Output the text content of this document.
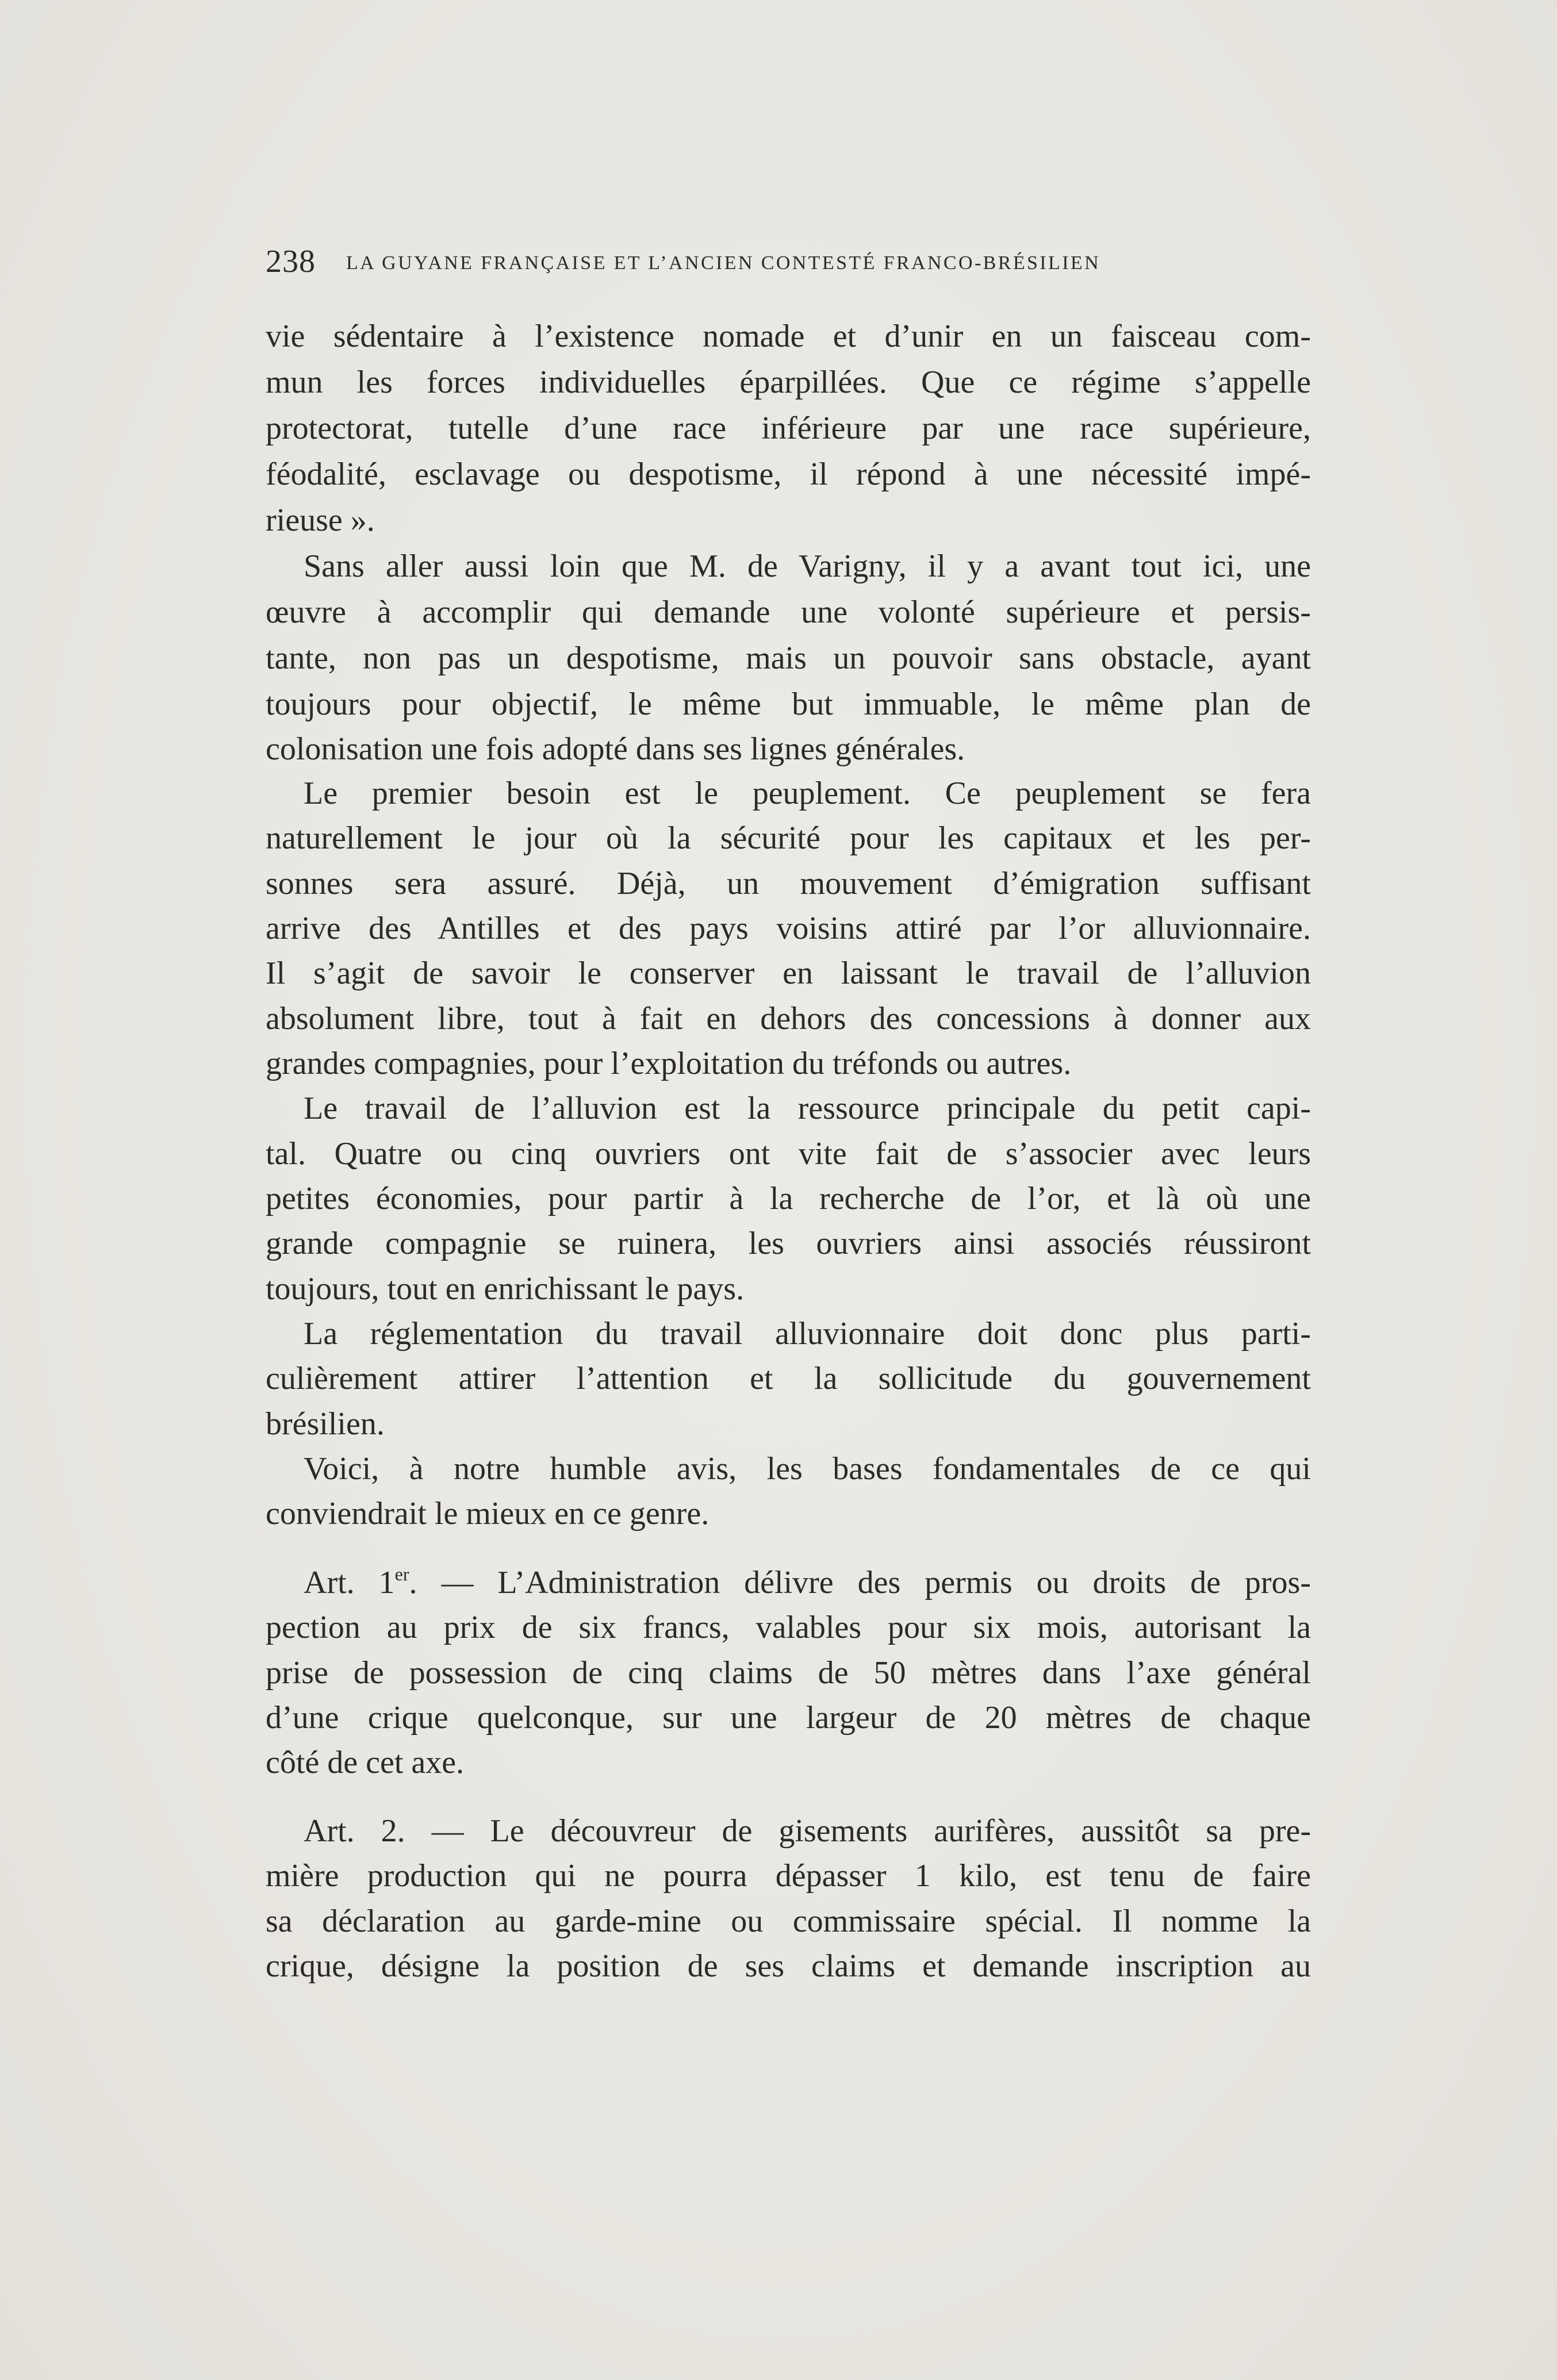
238 LA GUYANE FRANÇAISE ET L’ANCIEN CONTESTÉ FRANCO-BRÉSILIEN
vie sédentaire à l’existence nomade et d’unir en un faisceau com-
mun les forces individuelles éparpillées. Que ce régime s’appelle
protectorat, tutelle d’une race inférieure par une race supérieure,
féodalité, esclavage ou despotisme, il répond à une nécessité impé-
rieuse ».
Sans aller aussi loin que M. de Varigny, il y a avant tout ici, une
œuvre à accomplir qui demande une volonté supérieure et persis-
tante, non pas un despotisme, mais un pouvoir sans obstacle, ayant
toujours pour objectif, le même but immuable, le même plan de
colonisation une fois adopté dans ses lignes générales.
Le premier besoin est le peuplement. Ce peuplement se fera
naturellement le jour où la sécurité pour les capitaux et les per-
sonnes sera assuré. Déjà, un mouvement d’émigration suffisant
arrive des Antilles et des pays voisins attiré par l’or alluvionnaire.
Il s’agit de savoir le conserver en laissant le travail de l’alluvion
absolument libre, tout à fait en dehors des concessions à donner aux
grandes compagnies, pour l’exploitation du tréfonds ou autres.
Le travail de l’alluvion est la ressource principale du petit capi-
tal. Quatre ou cinq ouvriers ont vite fait de s’associer avec leurs
petites économies, pour partir à la recherche de l’or, et là où une
grande compagnie se ruinera, les ouvriers ainsi associés réussiront
toujours, tout en enrichissant le pays.
La réglementation du travail alluvionnaire doit donc plus parti-
culièrement attirer l’attention et la sollicitude du gouvernement
brésilien.
Voici, à notre humble avis, les bases fondamentales de ce qui
conviendrait le mieux en ce genre.
Art. 1er. — L’Administration délivre des permis ou droits de pros-
pection au prix de six francs, valables pour six mois, autorisant la
prise de possession de cinq claims de 50 mètres dans l’axe général
d’une crique quelconque, sur une largeur de 20 mètres de chaque
côté de cet axe.
Art. 2. — Le découvreur de gisements aurifères, aussitôt sa pre-
mière production qui ne pourra dépasser 1 kilo, est tenu de faire
sa déclaration au garde-mine ou commissaire spécial. Il nomme la
crique, désigne la position de ses claims et demande inscription au
